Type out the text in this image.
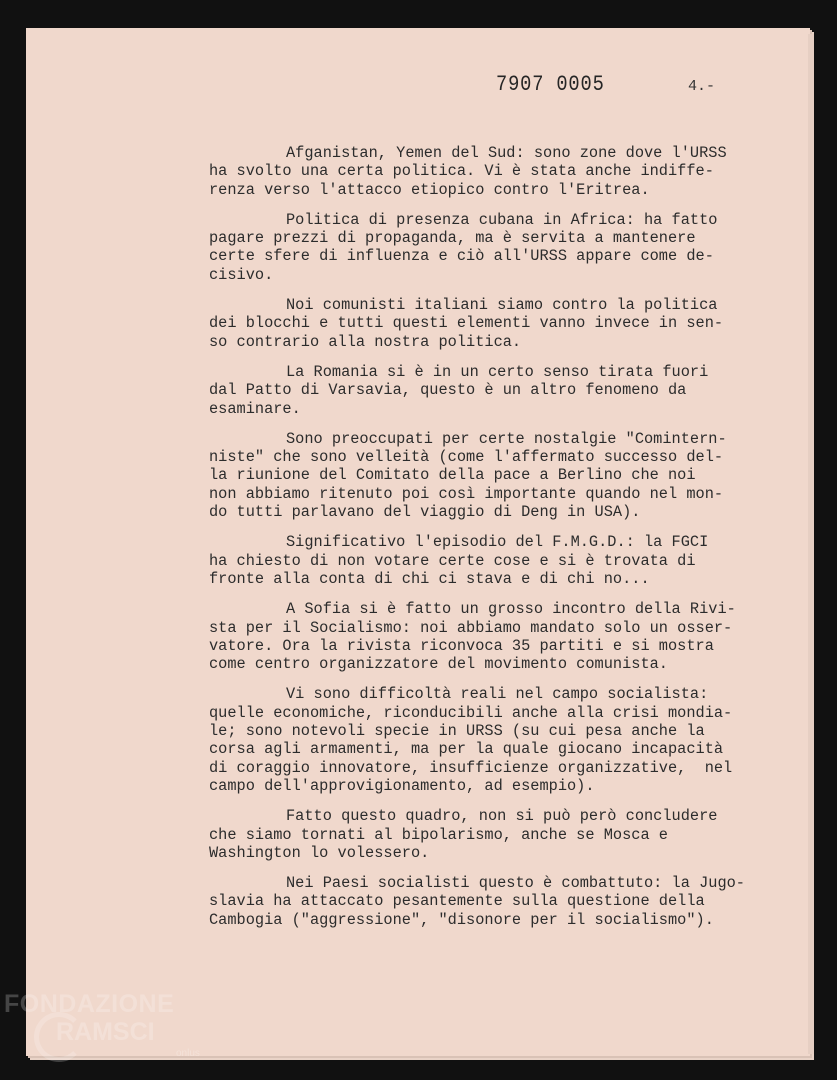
7907 0005	4.-
Afganistan, Yemen del Sud: sono zone dove l'URSS
ha svolto una certa politica. Vi è stata anche indiffe-
renza verso l'attacco etiopico contro l'Eritrea.
Politica di presenza cubana in Africa: ha fatto
pagare prezzi di propaganda, ma è servita a mantenere
certe sfere di influenza e ciò all'URSS appare come de-
cisivo.
Noi comunisti italiani siamo contro la politica
dei blocchi e tutti questi elementi vanno invece in sen-
so contrario alla nostra politica.
La Romania si è in un certo senso tirata fuori
dal Patto di Varsavia, questo è un altro fenomeno da
esaminare.
Sono preoccupati per certe nostalgie "Comintern-
niste" che sono velleità (come l'affermato successo del-
la riunione del Comitato della pace a Berlino che noi
non abbiamo ritenuto poi così importante quando nel mon-
do tutti parlavano del viaggio di Deng in USA).
Significativo l'episodio del F.M.G.D.: la FGCI
ha chiesto di non votare certe cose e si è trovata di
fronte alla conta di chi ci stava e di chi no...
A Sofia si è fatto un grosso incontro della Rivi-
sta per il Socialismo: noi abbiamo mandato solo un osser-
vatore. Ora la rivista riconvoca 35 partiti e si mostra
come centro organizzatore del movimento comunista.
Vi sono difficoltà reali nel campo socialista:
quelle economiche, riconducibili anche alla crisi mondia-
le; sono notevoli specie in URSS (su cui pesa anche la
corsa agli armamenti, ma per la quale giocano incapacità
di coraggio innovatore, insufficienze organizzative,  nel
campo dell'approvigionamento, ad esempio).
Fatto questo quadro, non si può però concludere
che siamo tornati al bipolarismo, anche se Mosca e
Washington lo volessero.
Nei Paesi socialisti questo è combattuto: la Jugo-
slavia ha attaccato pesantemente sulla questione della
Cambogia ("aggressione", "disonore per il socialismo").
FONDAZIONE
RAMSCI
onlus
